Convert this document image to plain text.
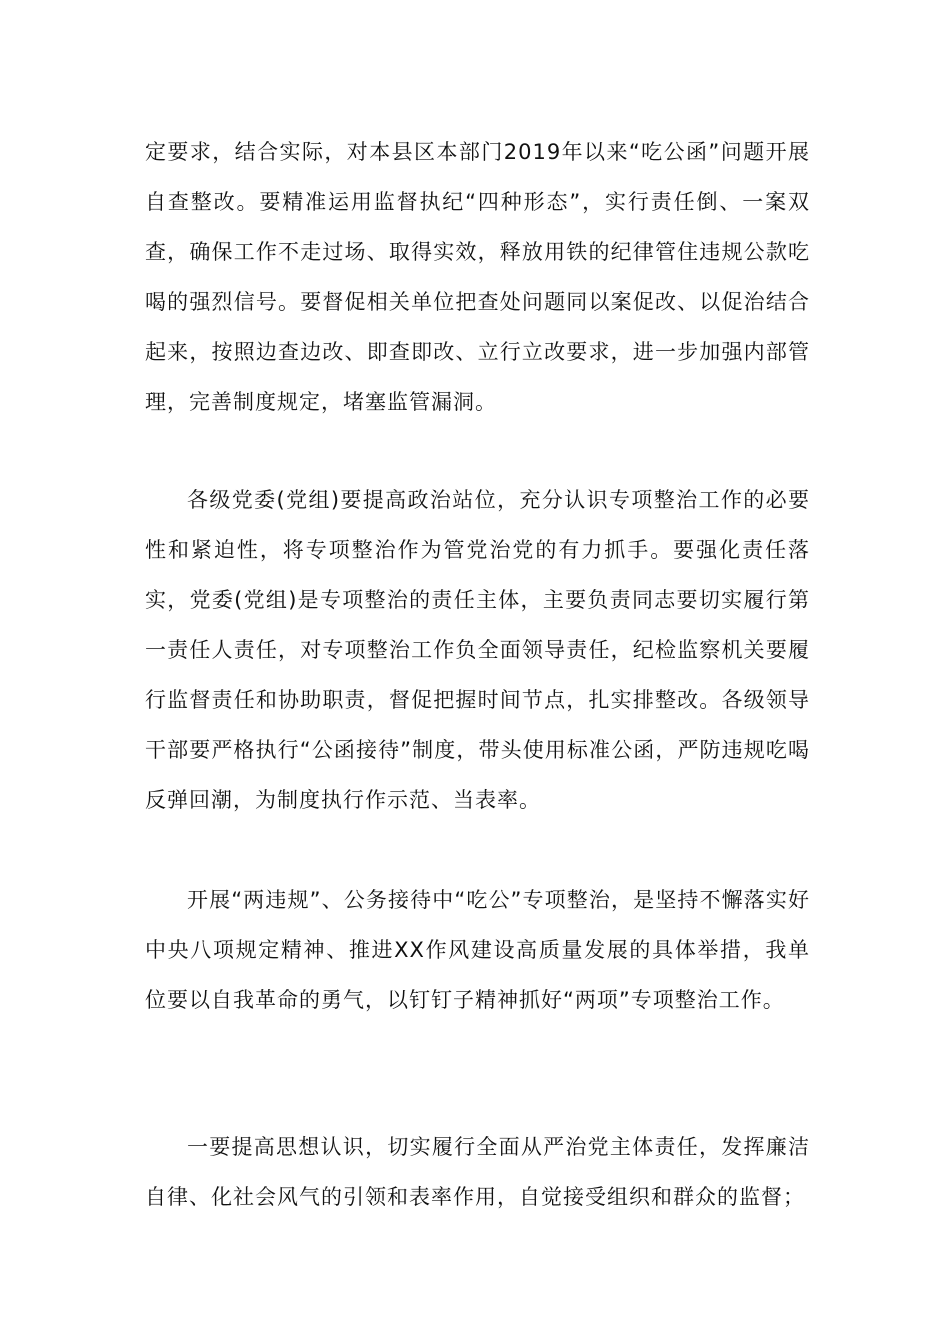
定要求，结合实际，对本县区本部门2019年以来“吃公函”问题开展自查整改。要精准运用监督执纪“四种形态”，实行责任倒、一案双查，确保工作不走过场、取得实效，释放用铁的纪律管住违规公款吃喝的强烈信号。要督促相关单位把查处问题同以案促改、以促治结合起来，按照边查边改、即查即改、立行立改要求，进一步加强内部管理，完善制度规定，堵塞监管漏洞。

各级党委(党组)要提高政治站位，充分认识专项整治工作的必要性和紧迫性，将专项整治作为管党治党的有力抓手。要强化责任落实，党委(党组)是专项整治的责任主体，主要负责同志要切实履行第一责任人责任，对专项整治工作负全面领导责任，纪检监察机关要履行监督责任和协助职责，督促把握时间节点，扎实排整改。各级领导干部要严格执行“公函接待”制度，带头使用标准公函，严防违规吃喝反弹回潮，为制度执行作示范、当表率。

开展“两违规”、公务接待中“吃公”专项整治，是坚持不懈落实好中央八项规定精神、推进XX作风建设高质量发展的具体举措，我单位要以自我革命的勇气，以钉钉子精神抓好“两项”专项整治工作。

一要提高思想认识，切实履行全面从严治党主体责任，发挥廉洁自律、化社会风气的引领和表率作用，自觉接受组织和群众的监督；
